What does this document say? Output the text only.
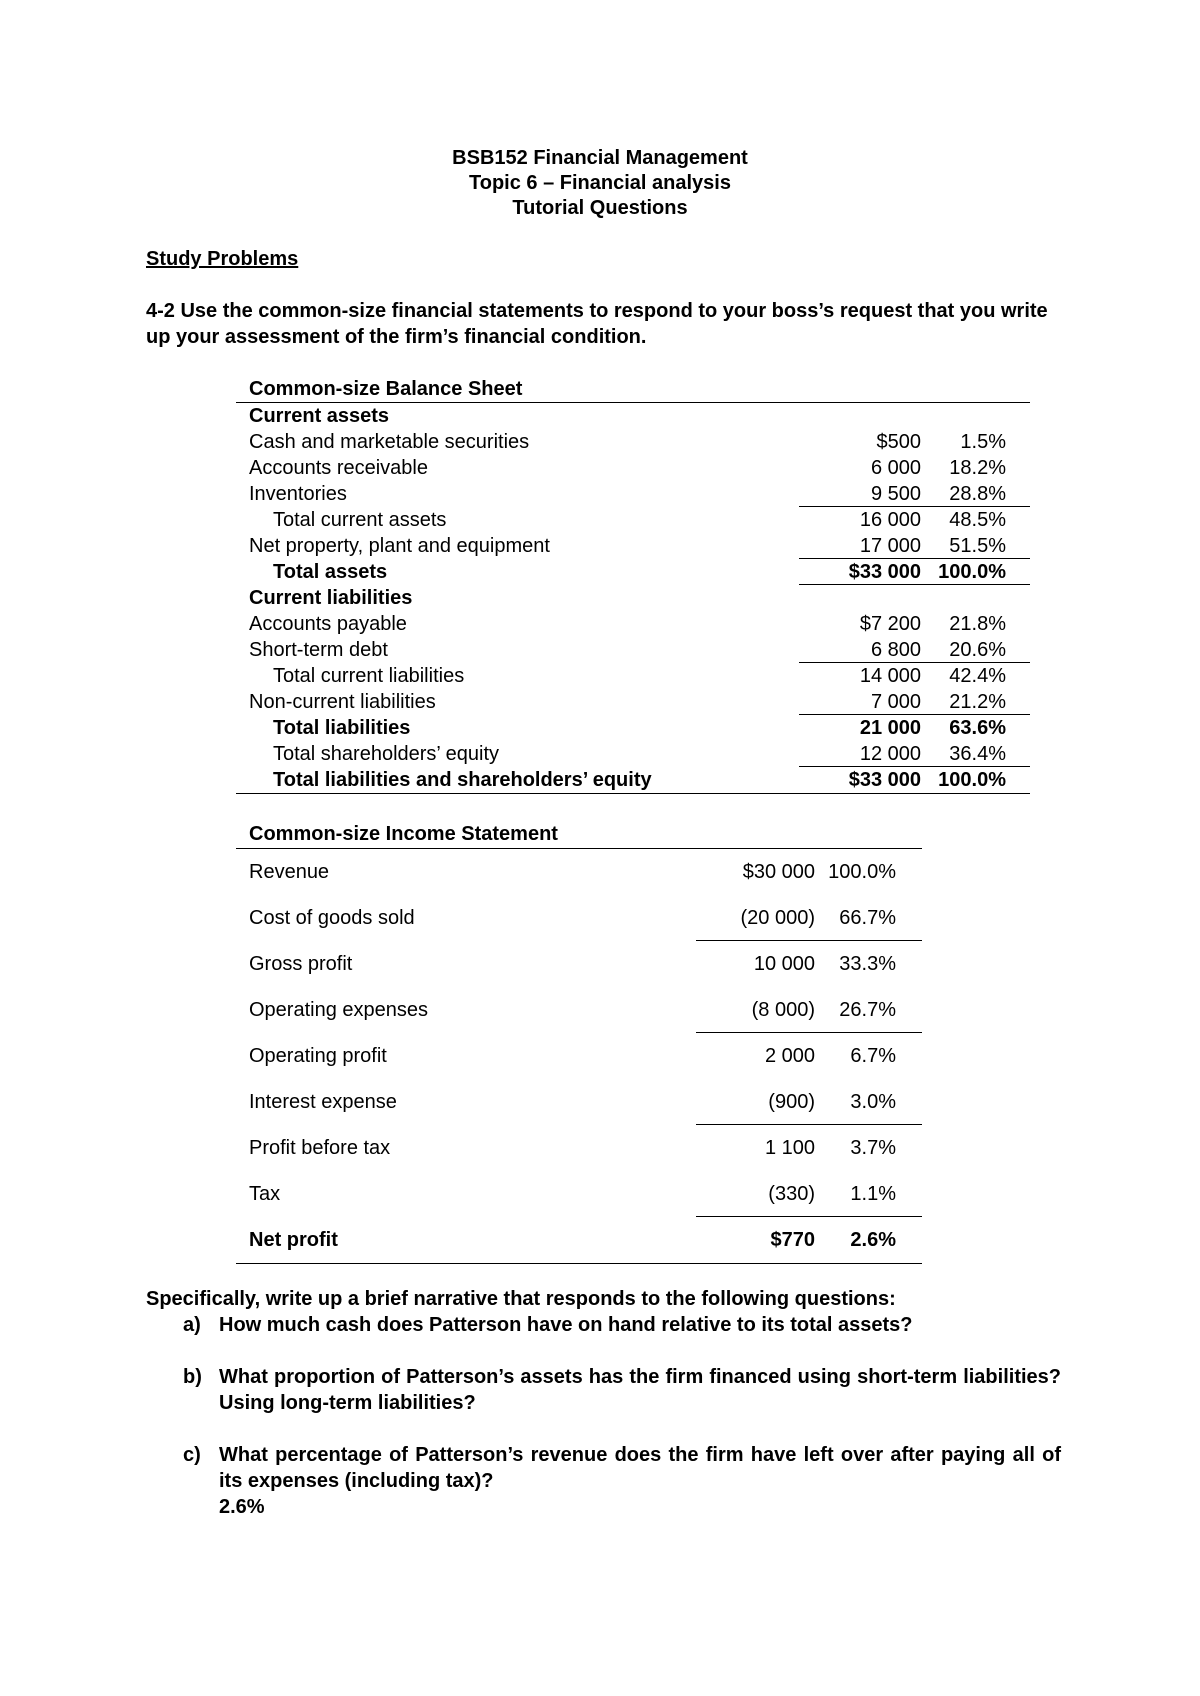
BSB152 Financial Management
Topic 6 – Financial analysis
Tutorial Questions
Study Problems
4-2 Use the common-size financial statements to respond to your boss’s request that you write up your assessment of the firm’s financial condition.
Common-size Balance Sheet
Current assets
Cash and marketable securities	$500	1.5%
Accounts receivable	6 000	18.2%
Inventories	9 500	28.8%
Total current assets	16 000	48.5%
Net property, plant and equipment	17 000	51.5%
Total assets	$33 000 100.0%
Current liabilities
Accounts payable	$7 200	21.8%
Short-term debt	6 800	20.6%
Total current liabilities	14 000	42.4%
Non-current liabilities	7 000	21.2%
Total liabilities	21 000	63.6%
Total shareholders’ equity	12 000	36.4%
Total liabilities and shareholders’ equity	$33 000 100.0%
Common-size Income Statement
Revenue	$30 000 100.0%
Cost of goods sold	(20 000)	66.7%
Gross profit	10 000	33.3%
Operating expenses	(8 000)	26.7%
Operating profit	2 000	6.7%
Interest expense	(900)	3.0%
Profit before tax	1 100	3.7%
Tax	(330)	1.1%
Net profit	$770	2.6%
Specifically, write up a brief narrative that responds to the following questions:
a) How much cash does Patterson have on hand relative to its total assets?
b) What proportion of Patterson’s assets has the firm financed using short-term liabilities? Using long-term liabilities?
c) What percentage of Patterson’s revenue does the firm have left over after paying all of its expenses (including tax)?
2.6%
